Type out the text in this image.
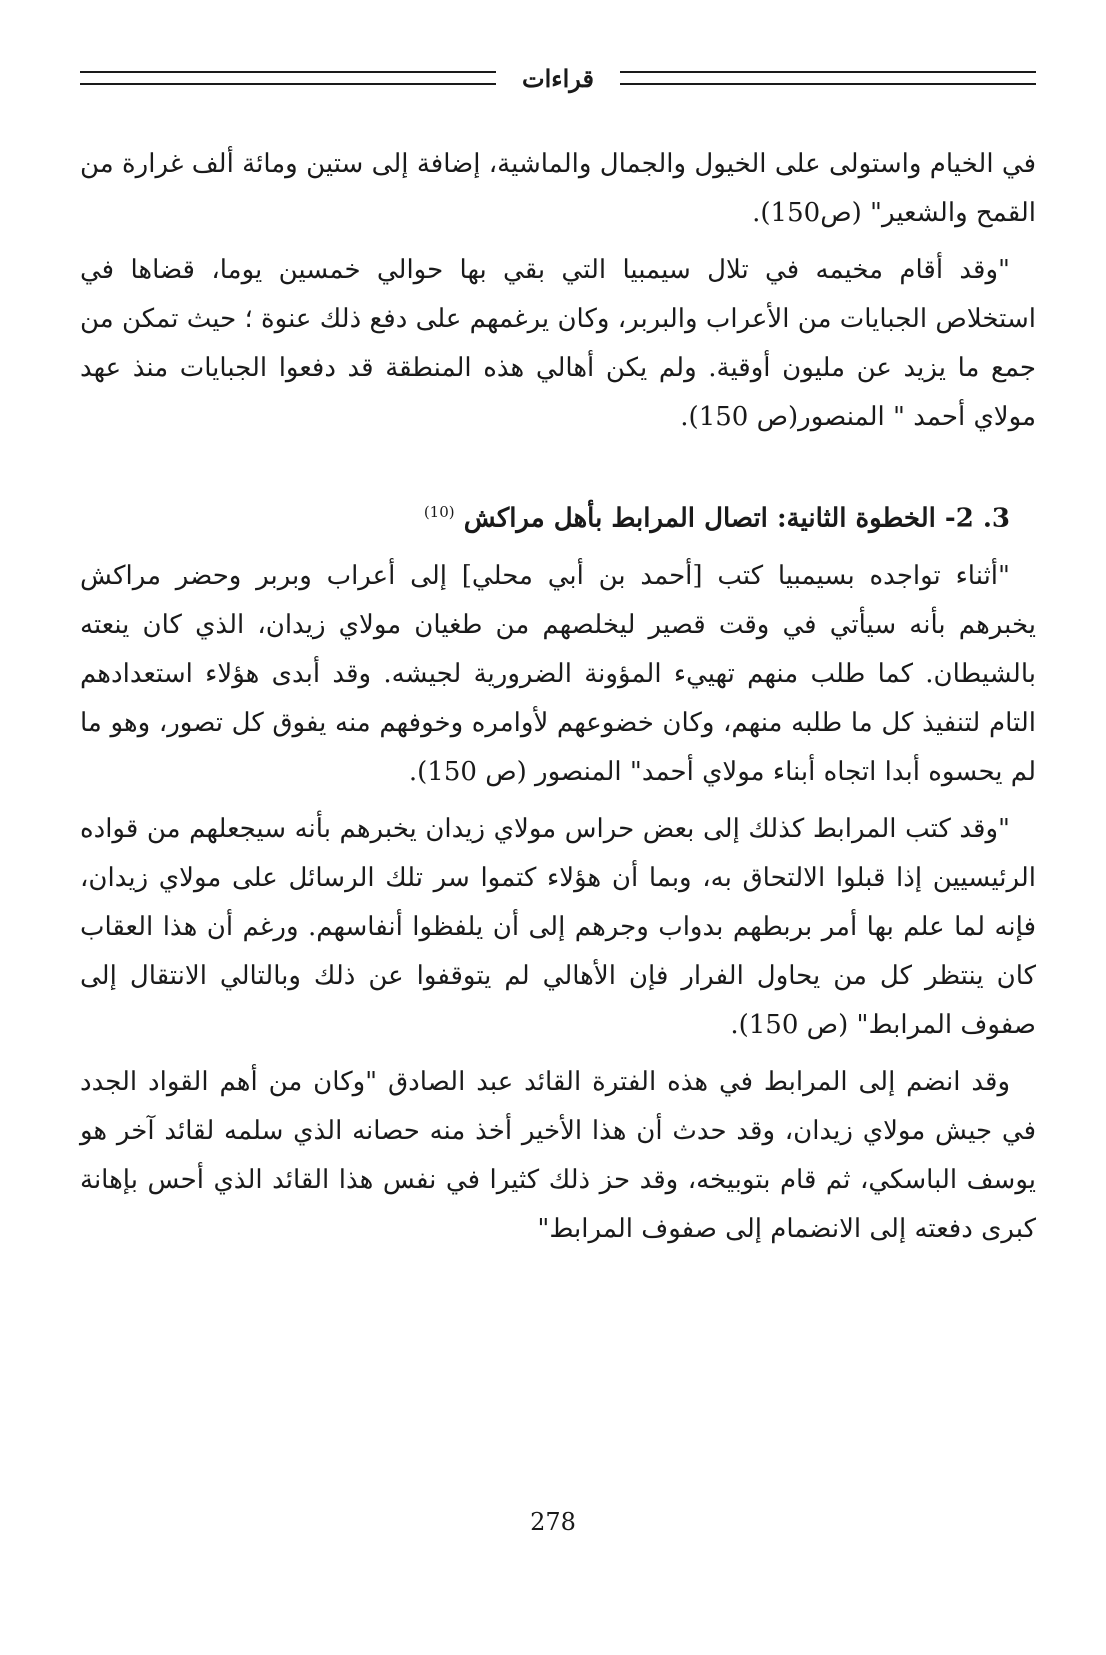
قراءات

في الخيام واستولى على الخيول والجمال والماشية، إضافة إلى ستين ومائة ألف غرارة من القمح والشعير" (ص150).

"وقد أقام مخيمه في تلال سيمبيا التي بقي بها حوالي خمسين يوما، قضاها في استخلاص الجبايات من الأعراب والبربر، وكان يرغمهم على دفع ذلك عنوة ؛ حيث تمكن من جمع ما يزيد عن مليون أوقية. ولم يكن أهالي هذه المنطقة قد دفعوا الجبايات منذ عهد مولاي أحمد " المنصور(ص 150).

3. 2- الخطوة الثانية: اتصال المرابط بأهل مراكش $^{(10)}$

"أثناء تواجده بسيمبيا كتب [أحمد بن أبي محلي] إلى أعراب وبربر وحضر مراكش يخبرهم بأنه سيأتي في وقت قصير ليخلصهم من طغيان مولاي زيدان، الذي كان ينعته بالشيطان. كما طلب منهم تهييء المؤونة الضرورية لجيشه. وقد أبدى هؤلاء استعدادهم التام لتنفيذ كل ما طلبه منهم، وكان خضوعهم لأوامره وخوفهم منه يفوق كل تصور، وهو ما لم يحسوه أبدا اتجاه أبناء مولاي أحمد" المنصور (ص 150).

"وقد كتب المرابط كذلك إلى بعض حراس مولاي زيدان يخبرهم بأنه سيجعلهم من قواده الرئيسيين إذا قبلوا الالتحاق به، وبما أن هؤلاء كتموا سر تلك الرسائل على مولاي زيدان، فإنه لما علم بها أمر بربطهم بدواب وجرهم إلى أن يلفظوا أنفاسهم. ورغم أن هذا العقاب كان ينتظر كل من يحاول الفرار فإن الأهالي لم يتوقفوا عن ذلك وبالتالي الانتقال إلى صفوف المرابط" (ص 150).

وقد انضم إلى المرابط في هذه الفترة القائد عبد الصادق "وكان من أهم القواد الجدد في جيش مولاي زيدان، وقد حدث أن هذا الأخير أخذ منه حصانه الذي سلمه لقائد آخر هو يوسف الباسكي، ثم قام بتوبيخه، وقد حز ذلك كثيرا في نفس هذا القائد الذي أحس بإهانة كبرى دفعته إلى الانضمام إلى صفوف المرابط"

278
